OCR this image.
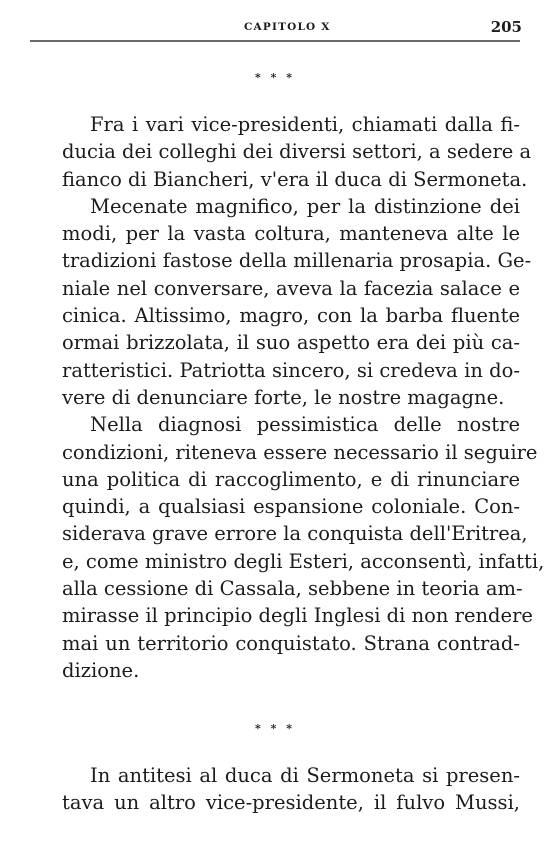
CAPITOLO X	205
* * *
Fra i vari vice-presidenti, chiamati dalla fi-
ducia dei colleghi dei diversi settori, a sedere a
fianco di Biancheri, v'era il duca di Sermoneta.
Mecenate magnifico, per la distinzione dei
modi, per la vasta coltura, manteneva alte le
tradizioni fastose della millenaria prosapia. Ge-
niale nel conversare, aveva la facezia salace e
cinica. Altissimo, magro, con la barba fluente
ormai brizzolata, il suo aspetto era dei più ca-
ratteristici. Patriotta sincero, si credeva in do-
vere di denunciare forte, le nostre magagne.
Nella diagnosi pessimistica delle nostre
condizioni, riteneva essere necessario il seguire
una politica di raccoglimento, e di rinunciare
quindi, a qualsiasi espansione coloniale. Con-
siderava grave errore la conquista dell'Eritrea,
e, come ministro degli Esteri, acconsentì, infatti,
alla cessione di Cassala, sebbene in teoria am-
mirasse il principio degli Inglesi di non rendere
mai un territorio conquistato. Strana contrad-
dizione.
* * *
In antitesi al duca di Sermoneta si presen-
tava un altro vice-presidente, il fulvo Mussi,
